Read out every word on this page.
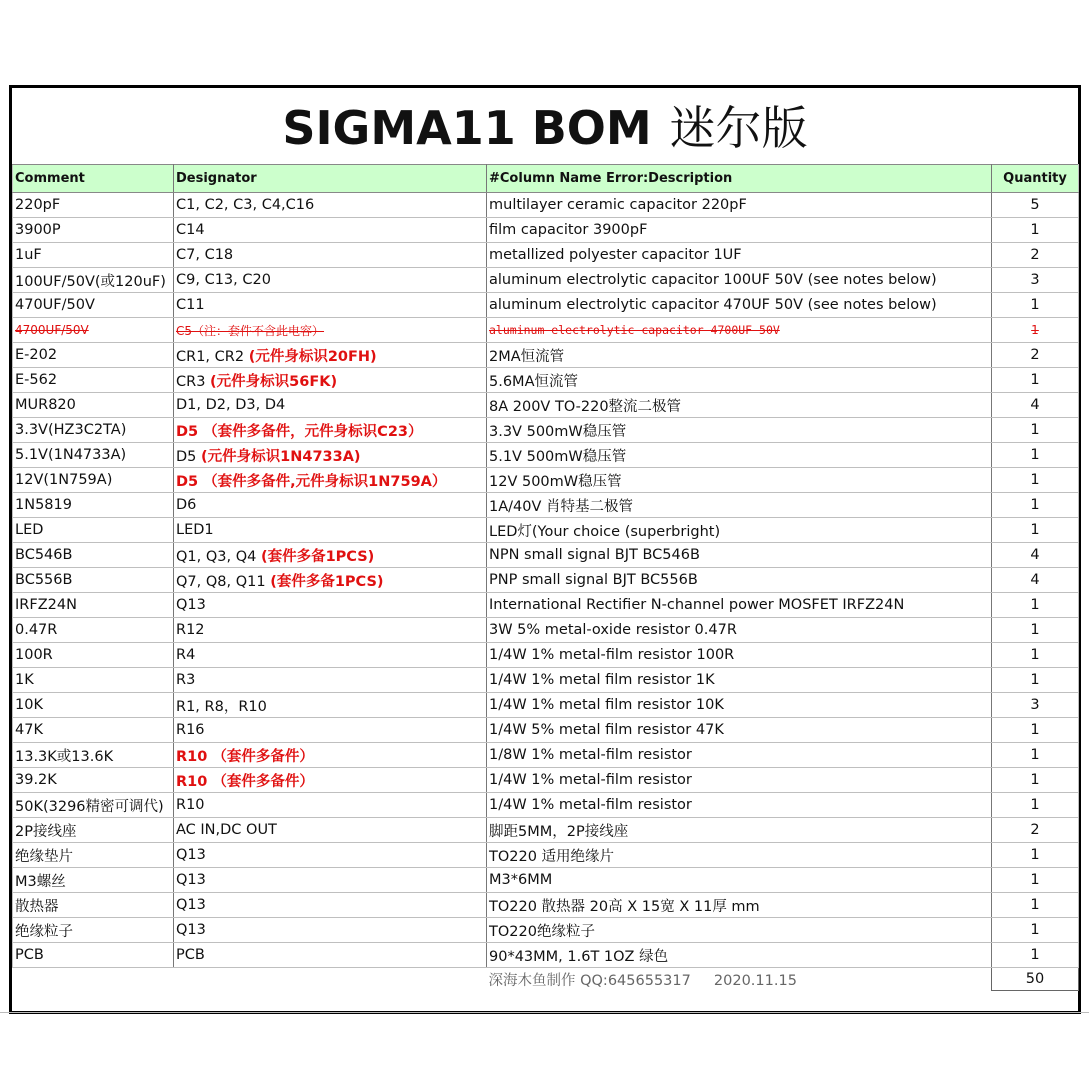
SIGMA11 BOM 迷尔版
Comment	Designator	#Column Name Error:Description	Quantity
220pF	C1, C2, C3, C4,C16	multilayer ceramic capacitor 220pF	5
3900P	C14	film capacitor 3900pF	1
1uF	C7, C18	metallized polyester capacitor 1UF	2
100UF/50V(或120uF)	C9, C13, C20	aluminum electrolytic capacitor 100UF 50V (see notes below)	3
470UF/50V	C11	aluminum electrolytic capacitor 470UF 50V (see notes below)	1
4700UF/50V	C5（注：套件不含此电容）	aluminum electrolytic capacitor 4700UF 50V	1
E-202	CR1, CR2 (元件身标识20FH)	2MA恒流管	2
E-562	CR3 (元件身标识56FK)	5.6MA恒流管	1
MUR820	D1, D2, D3, D4	8A 200V TO-220整流二极管	4
3.3V(HZ3C2TA)	D5 （套件多备件，元件身标识C23）	3.3V 500mW稳压管	1
5.1V(1N4733A)	D5 (元件身标识1N4733A)	5.1V 500mW稳压管	1
12V(1N759A)	D5 （套件多备件,元件身标识1N759A）	12V 500mW稳压管	1
1N5819	D6	1A/40V 肖特基二极管	1
LED	LED1	LED灯(Your choice (superbright)	1
BC546B	Q1, Q3, Q4 (套件多备1PCS)	NPN small signal BJT BC546B	4
BC556B	Q7, Q8, Q11 (套件多备1PCS)	PNP small signal BJT BC556B	4
IRFZ24N	Q13	International Rectifier N-channel power MOSFET IRFZ24N	1
0.47R	R12	3W 5% metal-oxide resistor 0.47R	1
100R	R4	1/4W 1% metal-film resistor 100R	1
1K	R3	1/4W 1% metal film resistor 1K	1
10K	R1, R8，R10	1/4W 1% metal film resistor 10K	3
47K	R16	1/4W 5% metal film resistor 47K	1
13.3K或13.6K	R10 （套件多备件）	1/8W 1% metal-film resistor	1
39.2K	R10 （套件多备件）	1/4W 1% metal-film resistor	1
50K(3296精密可调代)	R10	1/4W 1% metal-film resistor	1
2P接线座	AC IN,DC OUT	脚距5MM，2P接线座	2
绝缘垫片	Q13	TO220 适用绝缘片	1
M3螺丝	Q13	M3*6MM	1
散热器	Q13	TO220 散热器 20高 X 15宽 X 11厚 mm	1
绝缘粒子	Q13	TO220绝缘粒子	1
PCB	PCB	90*43MM, 1.6T 1OZ 绿色	1
		深海木鱼制作 QQ:645655317 2020.11.15	50
